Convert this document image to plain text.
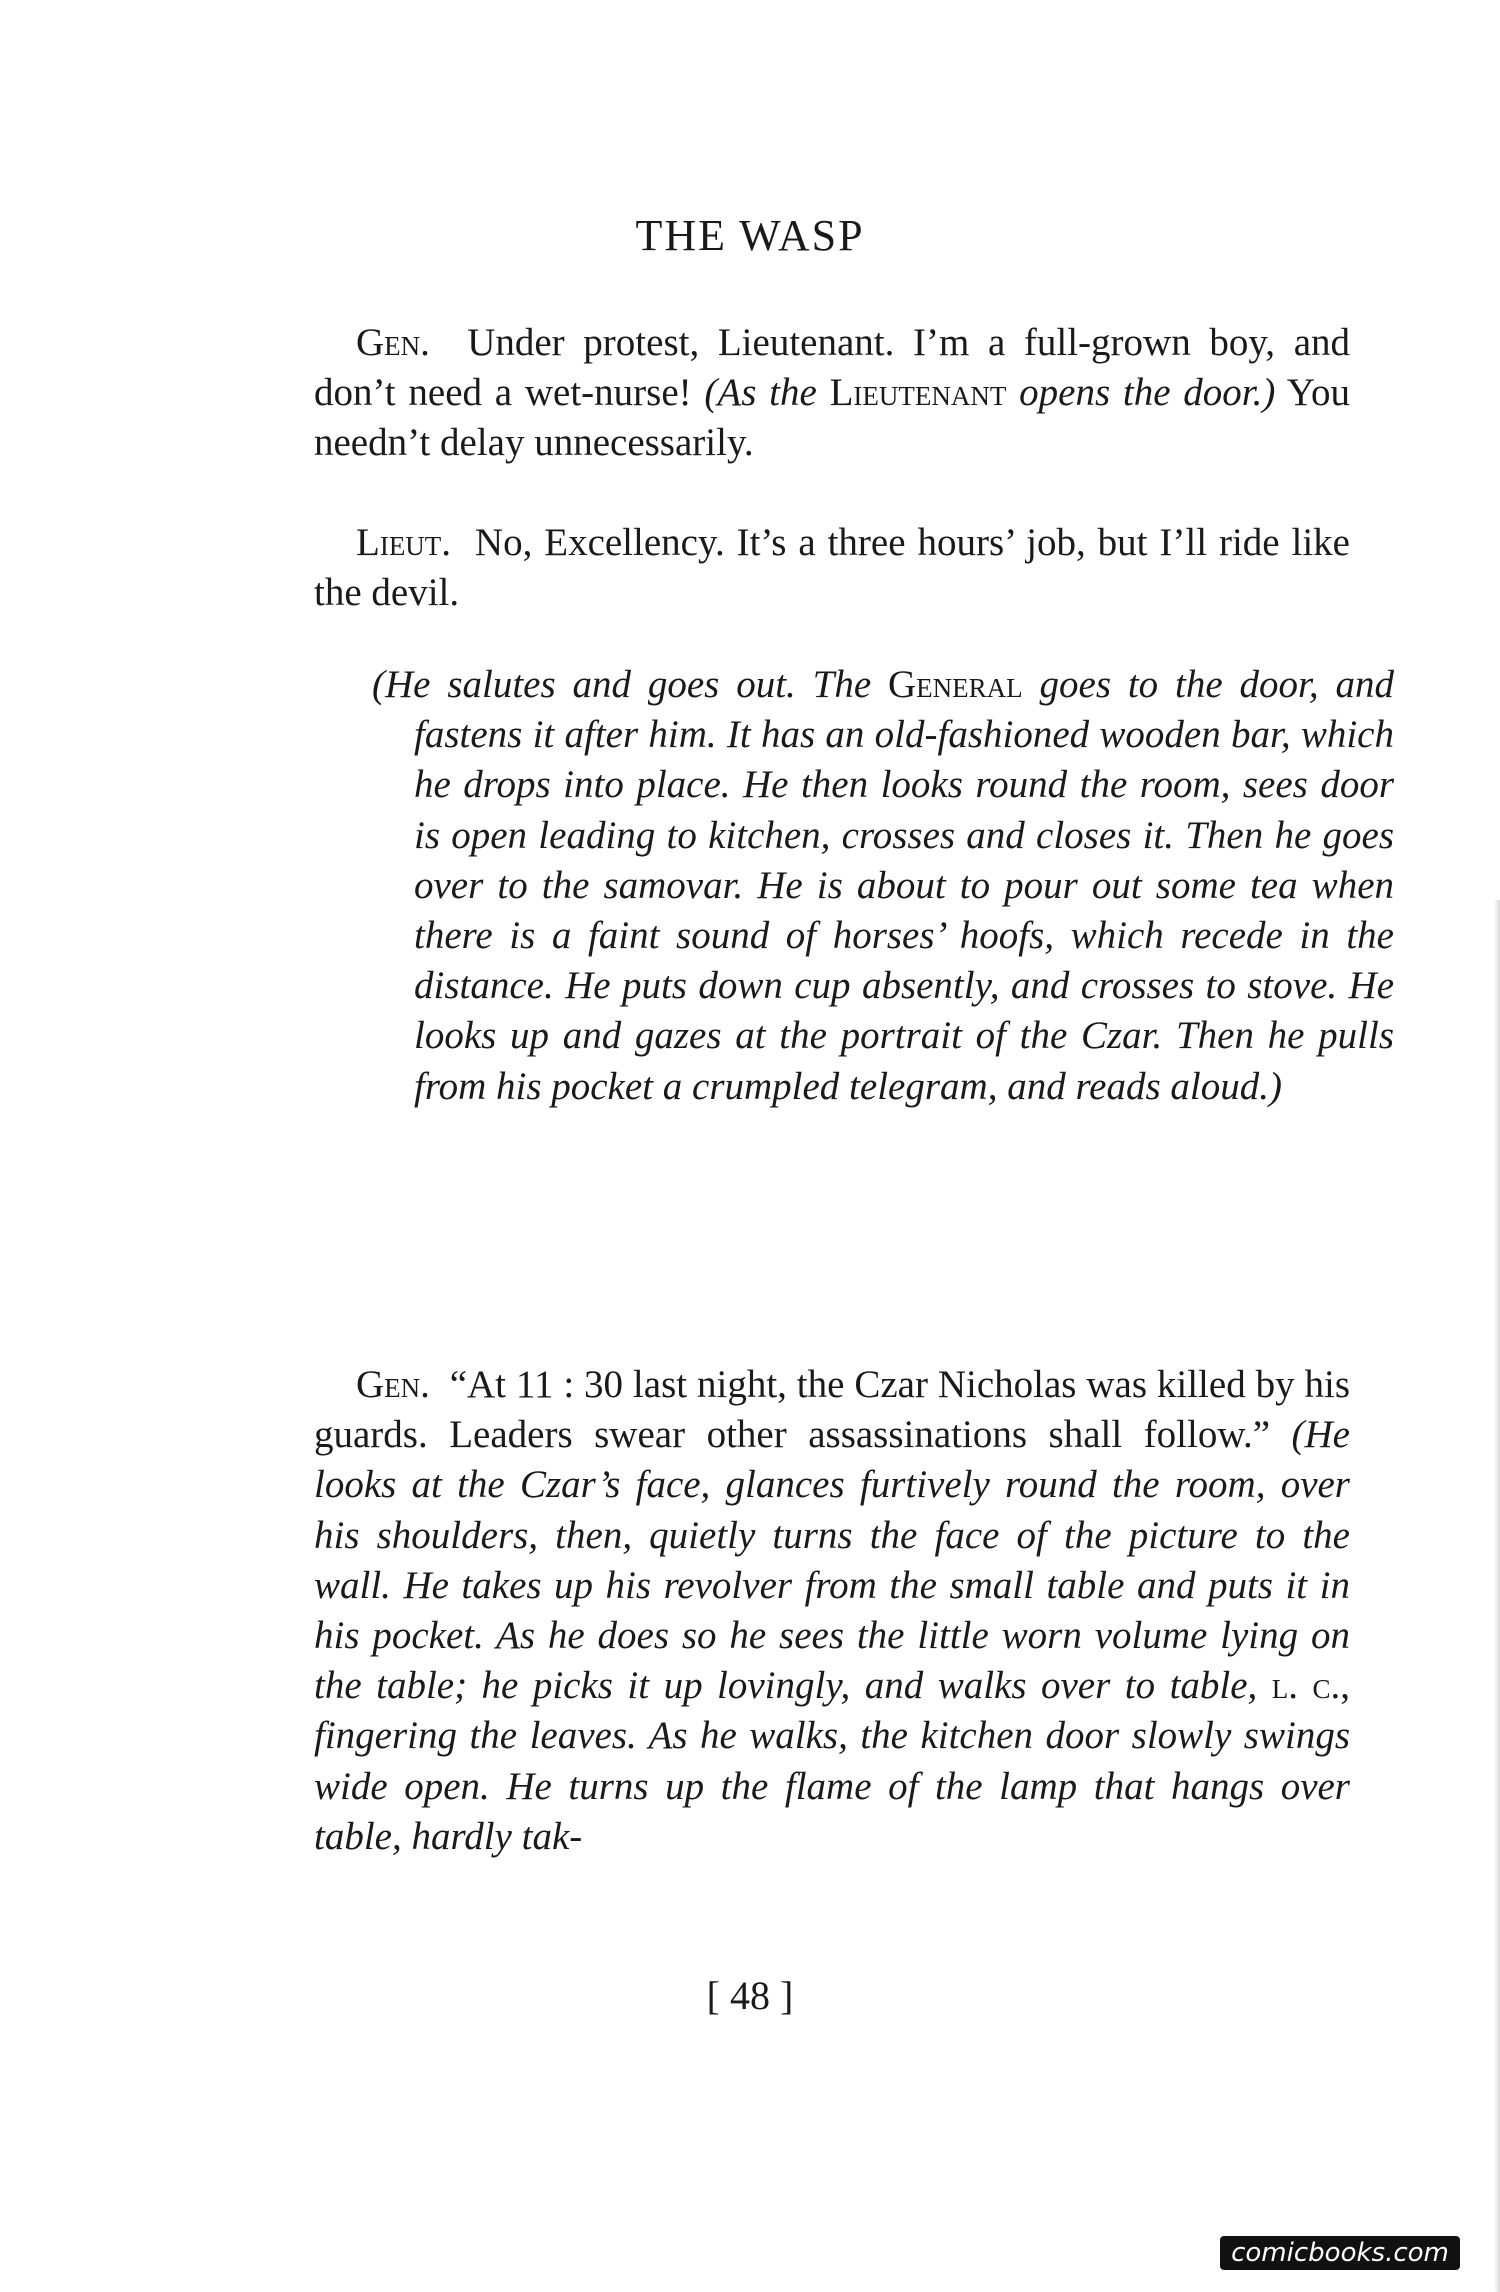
THE WASP

Gen. Under protest, Lieutenant. I’m a full-grown boy, and don’t need a wet-nurse! (As the Lieutenant opens the door.) You needn’t delay unnecessarily.

Lieut. No, Excellency. It’s a three hours’ job, but I’ll ride like the devil.

(He salutes and goes out. The General goes to the door, and fastens it after him. It has an old-fashioned wooden bar, which he drops into place. He then looks round the room, sees door is open leading to kitchen, crosses and closes it. Then he goes over to the samovar. He is about to pour out some tea when there is a faint sound of horses’ hoofs, which recede in the distance. He puts down cup absently, and crosses to stove. He looks up and gazes at the portrait of the Czar. Then he pulls from his pocket a crumpled telegram, and reads aloud.)

Gen. “At 11 : 30 last night, the Czar Nicholas was killed by his guards. Leaders swear other assassinations shall follow.” (He looks at the Czar’s face, glances furtively round the room, over his shoulders, then, quietly turns the face of the picture to the wall. He takes up his revolver from the small table and puts it in his pocket. As he does so he sees the little worn volume lying on the table; he picks it up lovingly, and walks over to table, l. c., fingering the leaves. As he walks, the kitchen door slowly swings wide open. He turns up the flame of the lamp that hangs over table, hardly tak-

[ 48 ]
comicbooks.com
